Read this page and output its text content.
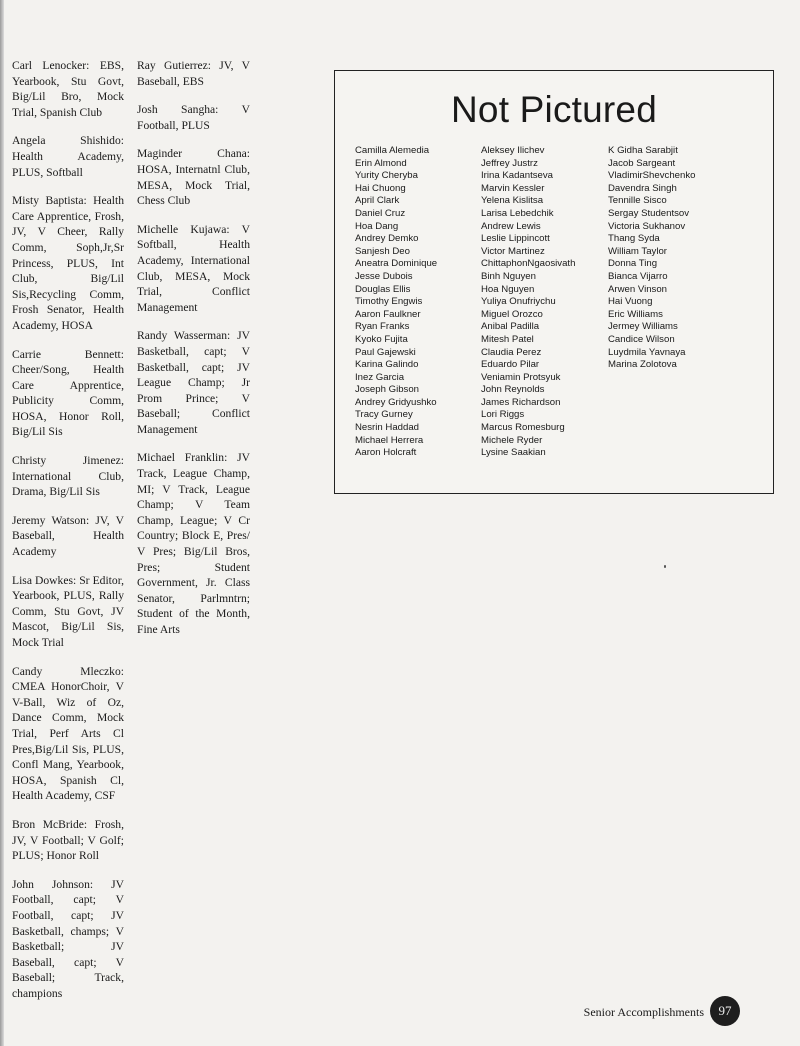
Carl Lenocker: EBS, Yearbook, Stu Govt, Big/Lil Bro, Mock Trial, Spanish Club

Angela Shishido: Health Academy, PLUS, Softball

Misty Baptista: Health Care Apprentice, Frosh, JV, V Cheer, Rally Comm, Soph,Jr,Sr Princess, PLUS, Int Club, Big/Lil Sis,Recycling Comm, Frosh Senator, Health Academy, HOSA

Carrie Bennett: Cheer/Song, Health Care Apprentice, Publicity Comm, HOSA, Honor Roll, Big/Lil Sis

Christy Jimenez: International Club, Drama, Big/Lil Sis

Jeremy Watson: JV, V Baseball, Health Academy

Lisa Dowkes: Sr Editor, Yearbook, PLUS, Rally Comm, Stu Govt, JV Mascot, Big/Lil Sis, Mock Trial

Candy Mleczko: CMEA HonorChoir, V V-Ball, Wiz of Oz, Dance Comm, Mock Trial, Perf Arts Cl Pres,Big/Lil Sis, PLUS, Confl Mang, Yearbook, HOSA, Spanish Cl, Health Academy, CSF

Bron McBride: Frosh, JV, V Football; V Golf; PLUS; Honor Roll

John Johnson: JV Football, capt; V Football, capt; JV Basketball, champs; V Basketball; JV Baseball, capt; V Baseball; Track, champions

Ray Gutierrez: JV, V Baseball, EBS

Josh Sangha: V Football, PLUS

Maginder Chana: HOSA, Internatnl Club, MESA, Mock Trial, Chess Club

Michelle Kujawa: V Softball, Health Academy, International Club, MESA, Mock Trial, Conflict Management

Randy Wasserman: JV Basketball, capt; V Basketball, capt; JV League Champ; Jr Prom Prince; V Baseball; Conflict Management

Michael Franklin: JV Track, League Champ, MI; V Track, League Champ; V Team Champ, League; V Cr Country; Block E, Pres/ V Pres; Big/Lil Bros, Pres; Student Government, Jr. Class Senator, Parlmntrn; Student of the Month, Fine Arts

Not Pictured
Camilla Alemedia
Erin Almond
Yurity Cheryba
Hai Chuong
April Clark
Daniel Cruz
Hoa Dang
Andrey Demko
Sanjesh Deo
Aneatra Dominique
Jesse Dubois
Douglas Ellis
Timothy Engwis
Aaron Faulkner
Ryan Franks
Kyoko Fujita
Paul Gajewski
Karina Galindo
Inez Garcia
Joseph Gibson
Andrey Gridyushko
Tracy Gurney
Nesrin Haddad
Michael Herrera
Aaron Holcraft
Aleksey Ilichev
Jeffrey Justrz
Irina Kadantseva
Marvin Kessler
Yelena Kislitsa
Larisa Lebedchik
Andrew Lewis
Leslie Lippincott
Victor Martinez
ChittaphonNgaosivath
Binh Nguyen
Hoa Nguyen
Yuliya Onufriychu
Miguel Orozco
Anibal Padilla
Mitesh Patel
Claudia Perez
Eduardo Pilar
Veniamin Protsyuk
John Reynolds
James Richardson
Lori Riggs
Marcus Romesburg
Michele Ryder
Lysine Saakian
K Gidha Sarabjit
Jacob Sargeant
VladimirShevchenko
Davendra Singh
Tennille Sisco
Sergay Studentsov
Victoria Sukhanov
Thang Syda
William Taylor
Donna Ting
Bianca Vijarro
Arwen Vinson
Hai Vuong
Eric Williams
Jermey Williams
Candice Wilson
Luydmila Yavnaya
Marina Zolotova
Senior Accomplishments	97
